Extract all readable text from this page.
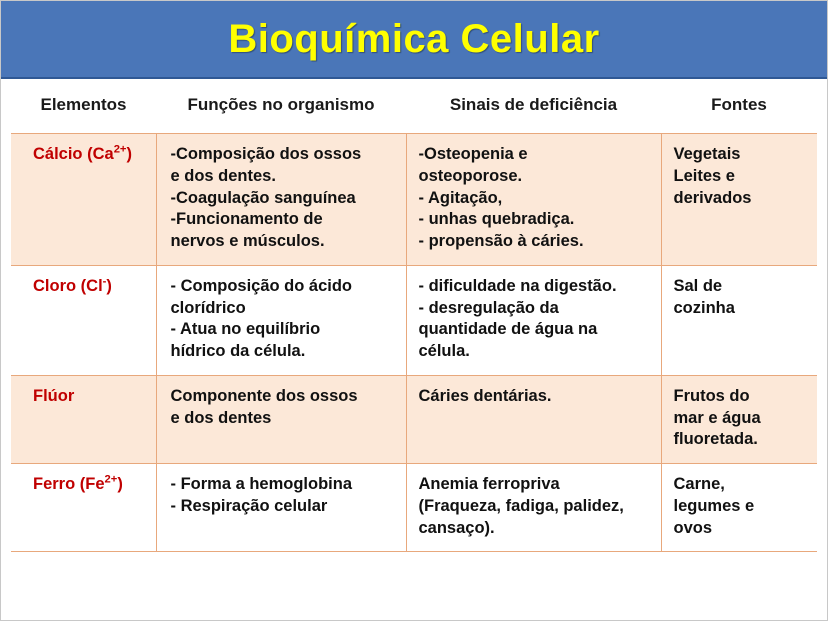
Bioquímica Celular
Elementos	Funções no organismo	Sinais de deficiência	Fontes
Cálcio $(Ca^{2+})$	-Composição dos ossos
e dos dentes.
-Coagulação sanguínea
-Funcionamento de
nervos e músculos.	-Osteopenia e
osteoporose.
- Agitação,
- unhas quebradiça.
- propensão à cáries.	Vegetais
Leites e
derivados

Cloro (Cl-)	- Composição do ácido
clorídrico
- Atua no equilíbrio
hídrico da célula.	- dificuldade na digestão.
- desregulação da
quantidade de água na
célula.	Sal de
cozinha

Flúor	Componente dos ossos
e dos dentes	Cáries dentárias.	Frutos do
mar e água
fluoretada.

Ferro $(Fe^{2+})$	- Forma a hemoglobina
- Respiração celular	Anemia ferropriva
(Fraqueza, fadiga, palidez,
cansaço).	Carne,
legumes e
ovos
